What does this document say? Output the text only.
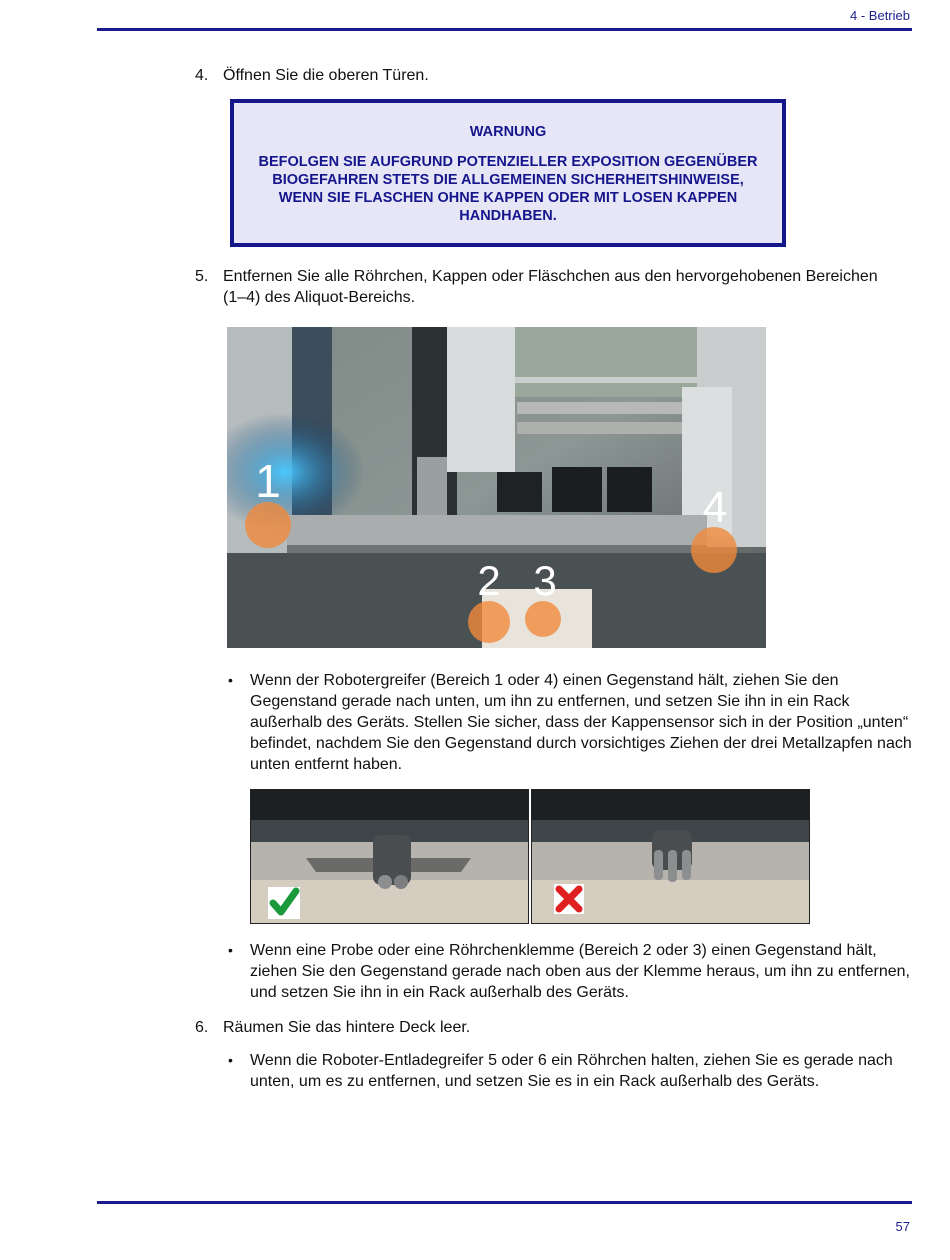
4 - Betrieb
4. Öffnen Sie die oberen Türen.
WARNUNG
BEFOLGEN SIE AUFGRUND POTENZIELLER EXPOSITION GEGENÜBER BIOGEFAHREN STETS DIE ALLGEMEINEN SICHERHEITSHINWEISE, WENN SIE FLASCHEN OHNE KAPPEN ODER MIT LOSEN KAPPEN HANDHABEN.
5. Entfernen Sie alle Röhrchen, Kappen oder Fläschchen aus den hervorgehobenen Bereichen (1–4) des Aliquot-Bereichs.
1
2 3
4
• Wenn der Robotergreifer (Bereich 1 oder 4) einen Gegenstand hält, ziehen Sie den Gegenstand gerade nach unten, um ihn zu entfernen, und setzen Sie ihn in ein Rack außerhalb des Geräts. Stellen Sie sicher, dass der Kappensensor sich in der Position „unten“ befindet, nachdem Sie den Gegenstand durch vorsichtiges Ziehen der drei Metallzapfen nach unten entfernt haben.
• Wenn eine Probe oder eine Röhrchenklemme (Bereich 2 oder 3) einen Gegenstand hält, ziehen Sie den Gegenstand gerade nach oben aus der Klemme heraus, um ihn zu entfernen, und setzen Sie ihn in ein Rack außerhalb des Geräts.
6. Räumen Sie das hintere Deck leer.
• Wenn die Roboter-Entladegreifer 5 oder 6 ein Röhrchen halten, ziehen Sie es gerade nach unten, um es zu entfernen, und setzen Sie es in ein Rack außerhalb des Geräts.
57
